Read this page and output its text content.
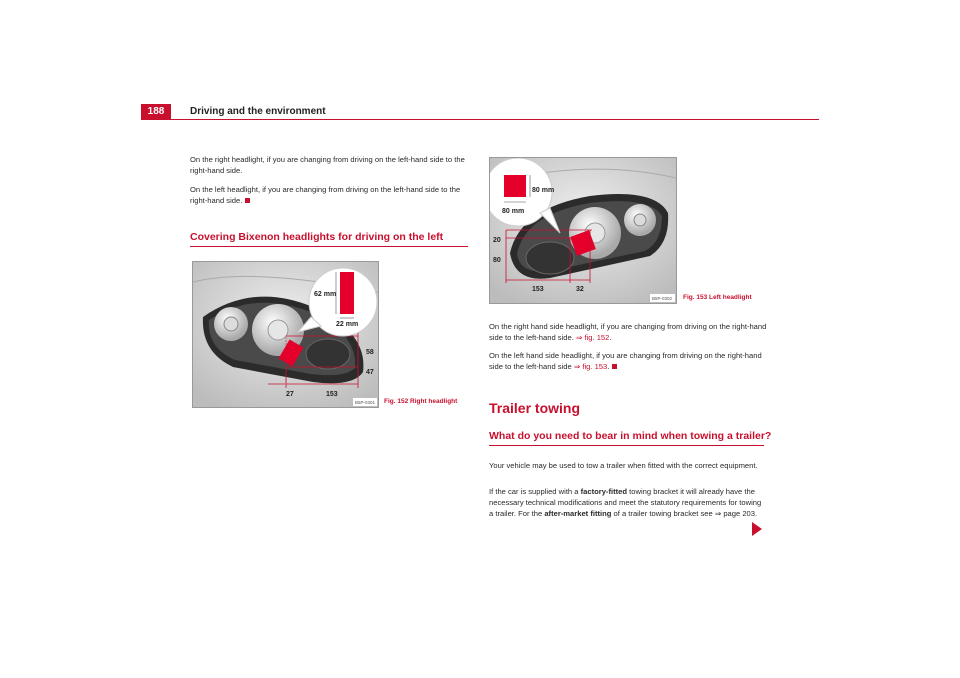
188	Driving and the environment
On the right headlight, if you are changing from driving on the left-hand side to the right-hand side.
On the left headlight, if you are changing from driving on the left-hand side to the right-hand side.
Covering Bixenon headlights for driving on the left
62 mm
22 mm
58
47
27	153
B5P-0301 Fig. 152 Right headlight
80 mm
80 mm
20
80
153	32
B5P-0302 Fig. 153 Left headlight
On the right hand side headlight, if you are changing from driving on the right-hand side to the left-hand side. ⇒ fig. 152.
On the left hand side headlight, if you are changing from driving on the right-hand side to the left-hand side ⇒ fig. 153.
Trailer towing
What do you need to bear in mind when towing a trailer?
Your vehicle may be used to tow a trailer when fitted with the correct equipment.
If the car is supplied with a factory-fitted towing bracket it will already have the necessary technical modifications and meet the statutory requirements for towing a trailer. For the after-market fitting of a trailer towing bracket see ⇒ page 203.
